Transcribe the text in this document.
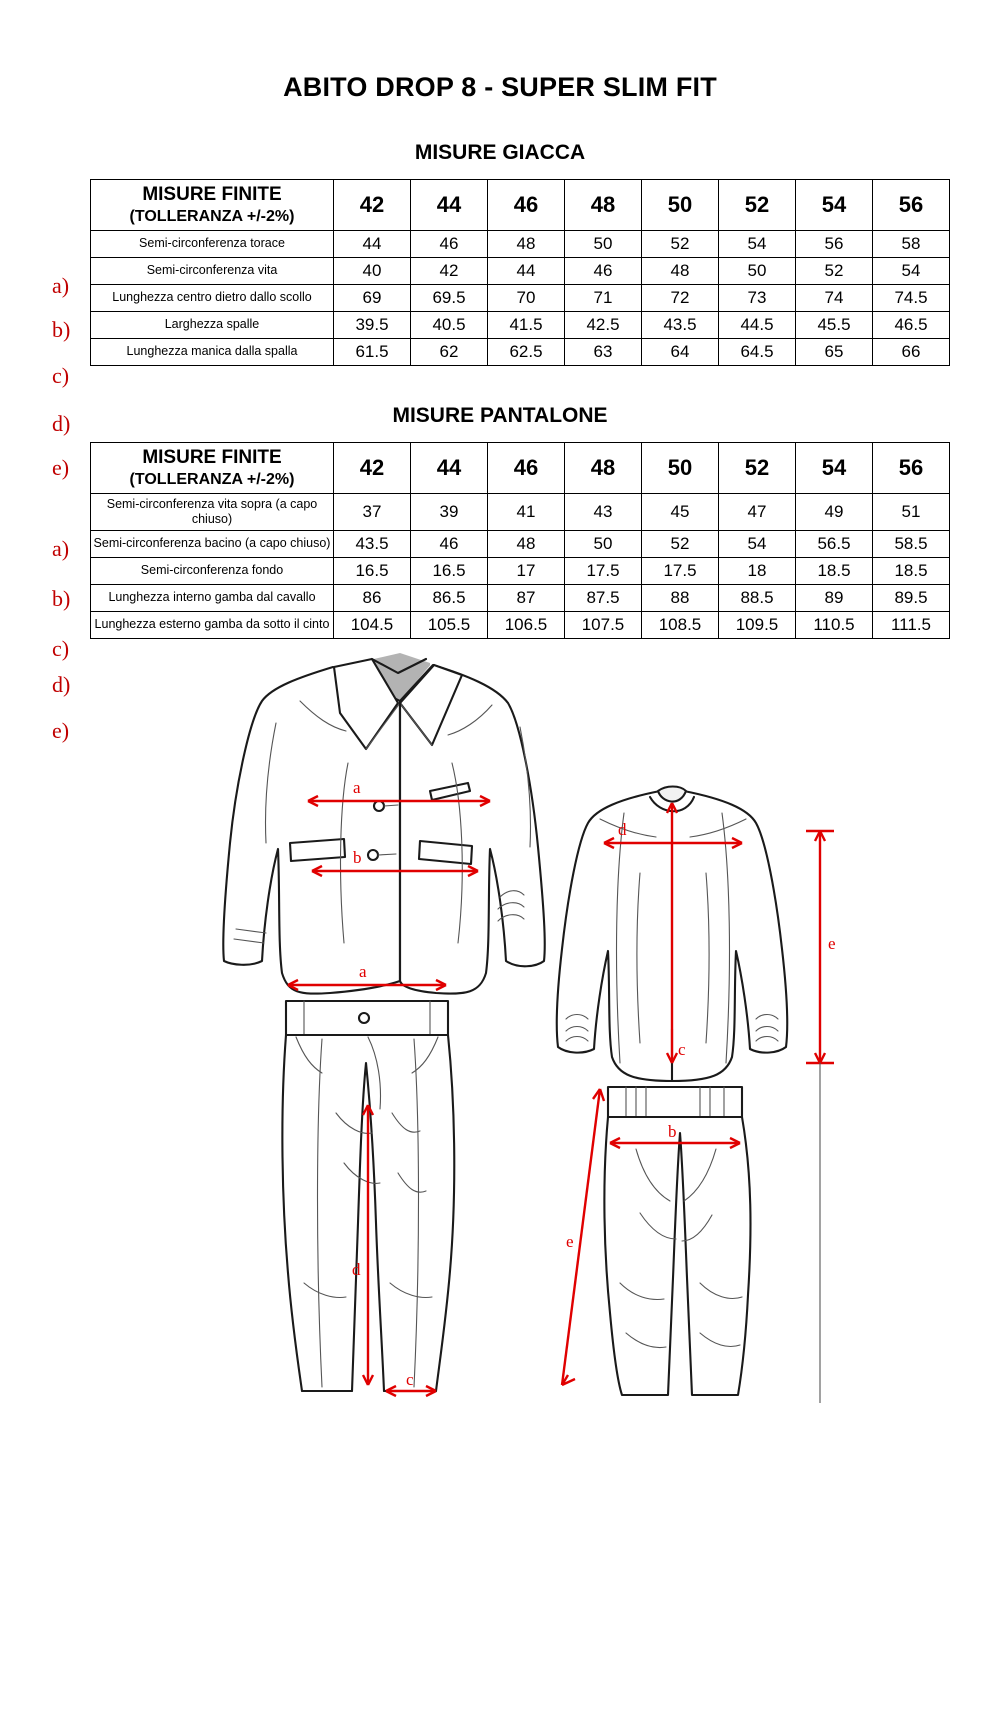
ABITO DROP 8 - SUPER SLIM FIT
MISURE GIACCA
MISURE FINITE
(TOLLERANZA +/-2%)	42	44	46	48	50	52	54	56
Semi-circonferenza torace	44	46	48	50	52	54	56	58
Semi-circonferenza vita	40	42	44	46	48	50	52	54
Lunghezza centro dietro dallo scollo	69	69.5	70	71	72	73	74	74.5
Larghezza spalle	39.5	40.5	41.5	42.5	43.5	44.5	45.5	46.5
Lunghezza manica dalla spalla	61.5	62	62.5	63	64	64.5	65	66
a)
b)
c)
d)
e)
MISURE PANTALONE
MISURE FINITE
(TOLLERANZA +/-2%)	42	44	46	48	50	52	54	56
Semi-circonferenza vita sopra (a capo chiuso)	37	39	41	43	45	47	49	51
Semi-circonferenza bacino (a capo chiuso)	43.5	46	48	50	52	54	56.5	58.5
Semi-circonferenza fondo	16.5	16.5	17	17.5	17.5	18	18.5	18.5
Lunghezza interno gamba dal cavallo	86	86.5	87	87.5	88	88.5	89	89.5
Lunghezza esterno gamba da sotto il cinto	104.5	105.5	106.5	107.5	108.5	109.5	110.5	111.5
a)
b)
c)
d)
e)
a
b
d
c
e
a
d
c
b
e
